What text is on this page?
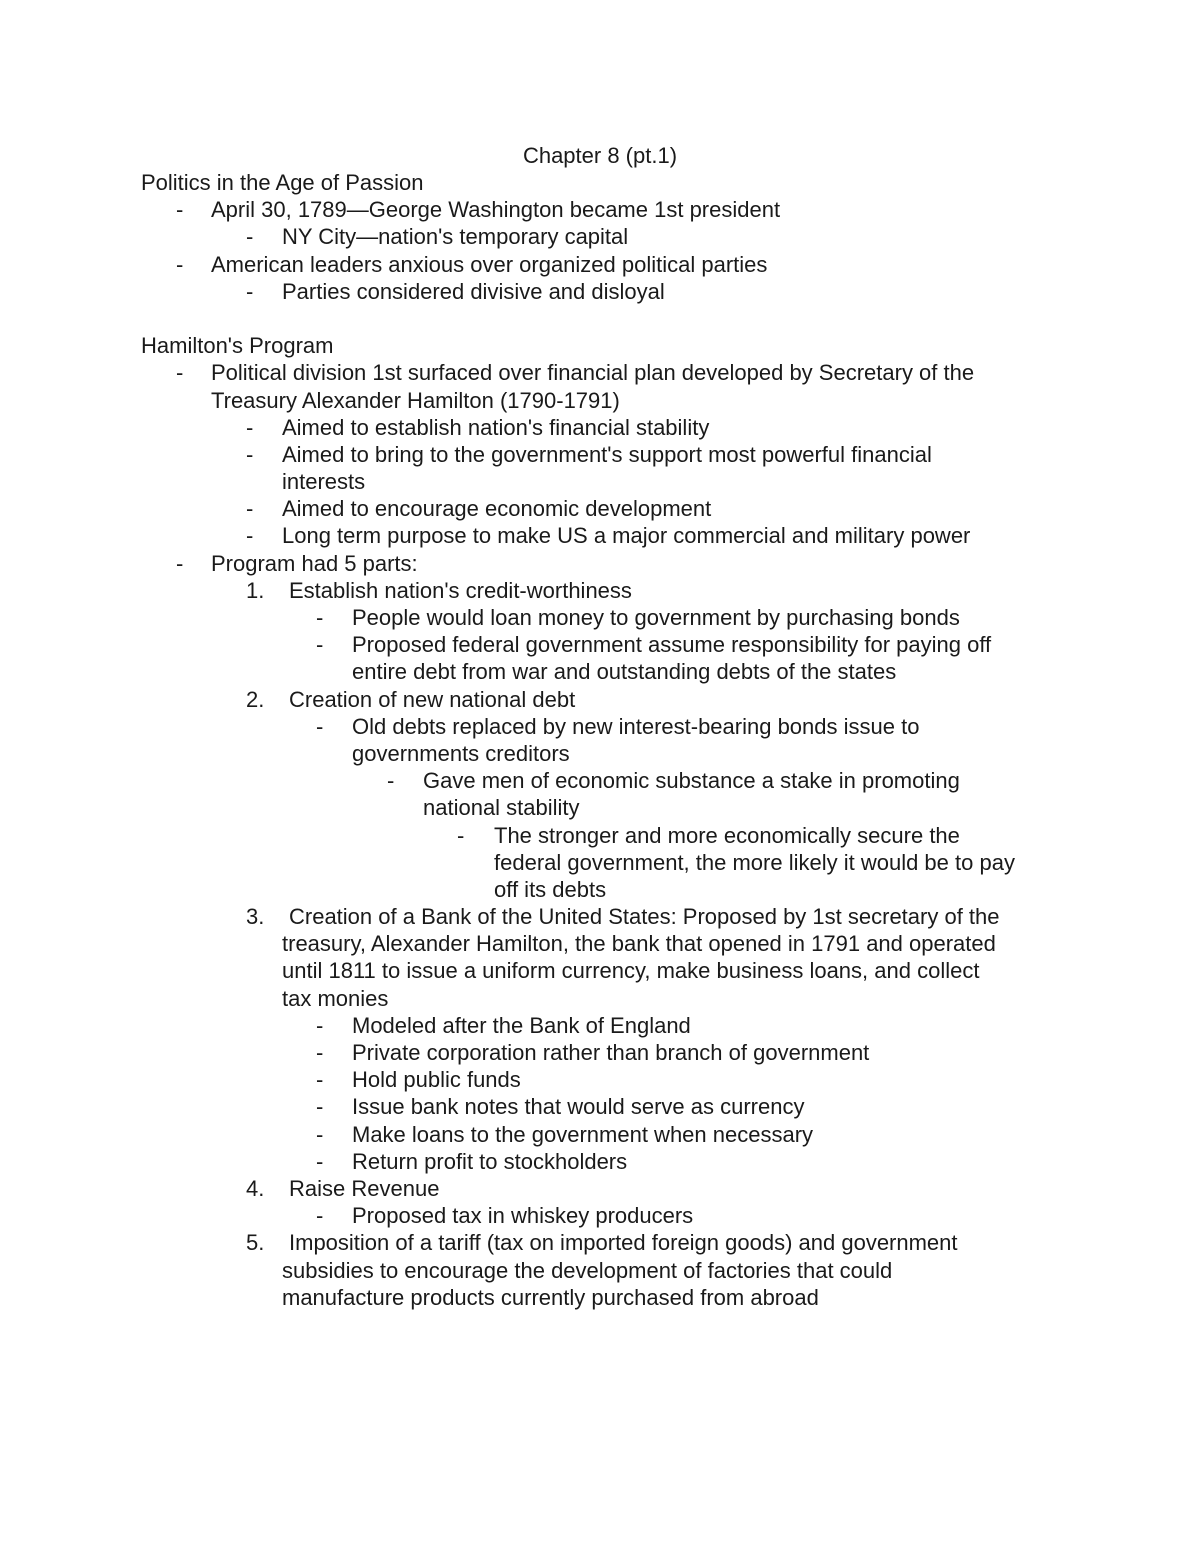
Chapter 8 (pt.1)
Politics in the Age of Passion
- April 30, 1789—George Washington became 1st president
- NY City—nation's temporary capital
- American leaders anxious over organized political parties
- Parties considered divisive and disloyal
Hamilton's Program
- Political division 1st surfaced over financial plan developed by Secretary of the
Treasury Alexander Hamilton (1790-1791)
- Aimed to establish nation's financial stability
- Aimed to bring to the government's support most powerful financial
interests
- Aimed to encourage economic development
- Long term purpose to make US a major commercial and military power
- Program had 5 parts:
1. Establish nation's credit-worthiness
- People would loan money to government by purchasing bonds
- Proposed federal government assume responsibility for paying off
entire debt from war and outstanding debts of the states
2. Creation of new national debt
- Old debts replaced by new interest-bearing bonds issue to
governments creditors
- Gave men of economic substance a stake in promoting
national stability
- The stronger and more economically secure the
federal government, the more likely it would be to pay
off its debts
3. Creation of a Bank of the United States: Proposed by 1st secretary of the
treasury, Alexander Hamilton, the bank that opened in 1791 and operated
until 1811 to issue a uniform currency, make business loans, and collect
tax monies
- Modeled after the Bank of England
- Private corporation rather than branch of government
- Hold public funds
- Issue bank notes that would serve as currency
- Make loans to the government when necessary
- Return profit to stockholders
4. Raise Revenue
- Proposed tax in whiskey producers
5. Imposition of a tariff (tax on imported foreign goods) and government
subsidies to encourage the development of factories that could
manufacture products currently purchased from abroad
